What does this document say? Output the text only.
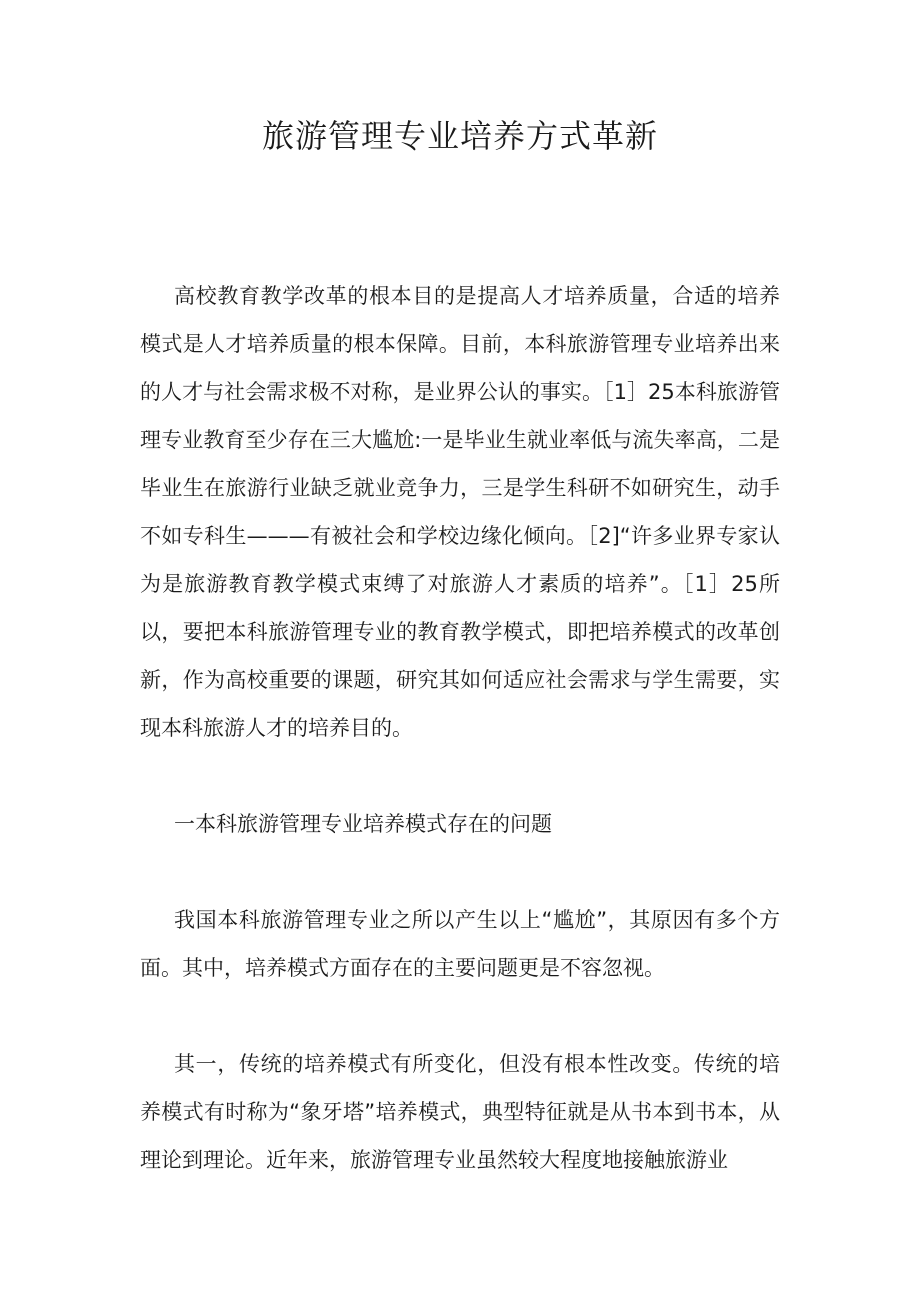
旅游管理专业培养方式革新

高校教育教学改革的根本目的是提高人才培养质量，合适的培养模式是人才培养质量的根本保障。目前，本科旅游管理专业培养出来的人才与社会需求极不对称，是业界公认的事实。［1］25本科旅游管理专业教育至少存在三大尴尬:一是毕业生就业率低与流失率高，二是毕业生在旅游行业缺乏就业竞争力，三是学生科研不如研究生，动手不如专科生———有被社会和学校边缘化倾向。［2]“许多业界专家认为是旅游教育教学模式束缚了对旅游人才素质的培养”。［1］25所以，要把本科旅游管理专业的教育教学模式，即把培养模式的改革创新，作为高校重要的课题，研究其如何适应社会需求与学生需要，实现本科旅游人才的培养目的。

一本科旅游管理专业培养模式存在的问题

我国本科旅游管理专业之所以产生以上“尴尬”，其原因有多个方面。其中，培养模式方面存在的主要问题更是不容忽视。

其一，传统的培养模式有所变化，但没有根本性改变。传统的培养模式有时称为“象牙塔”培养模式，典型特征就是从书本到书本，从理论到理论。近年来，旅游管理专业虽然较大程度地接触旅游业
